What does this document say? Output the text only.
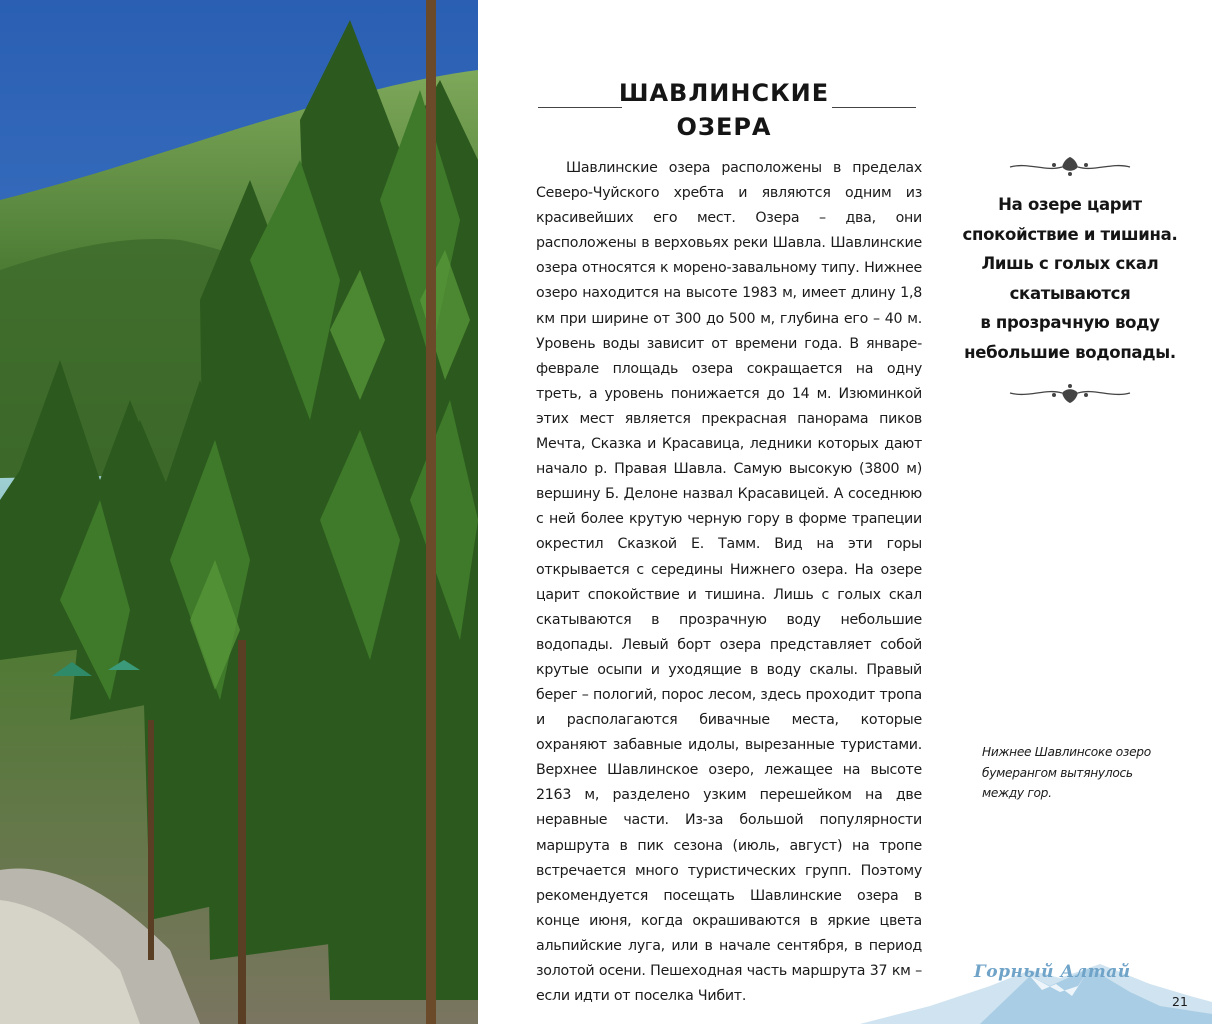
ШАВЛИНСКИЕ
ОЗЕРА

Шавлинские озера расположены в пределах Северо-Чуйского хребта и являются одним из красивейших его мест. Озера – два, они расположены в верховьях реки Шавла. Шавлинские озера относятся к морено-завальному типу. Нижнее озеро находится на высоте 1983 м, имеет длину 1,8 км при ширине от 300 до 500 м, глубина его – 40 м. Уровень воды зависит от времени года. В январе-феврале площадь озера сокращается на одну треть, а уровень понижается до 14 м. Изюминкой этих мест является прекрасная панорама пиков Мечта, Сказка и Красавица, ледники которых дают начало р. Правая Шавла. Самую высокую (3800 м) вершину Б. Делоне назвал Красавицей. А соседнюю с ней более крутую черную гору в форме трапеции окрестил Сказкой Е. Тамм. Вид на эти горы открывается с середины Нижнего озера. На озере царит спокойствие и тишина. Лишь с голых скал скатываются в прозрачную воду небольшие водопады. Левый борт озера представляет собой крутые осыпи и уходящие в воду скалы. Правый берег – пологий, порос лесом, здесь проходит тропа и располагаются бивачные места, которые охраняют забавные идолы, вырезанные туристами. Верхнее Шавлинское озеро, лежащее на высоте 2163 м, разделено узким перешейком на две неравные части. Из-за большой популярности маршрута в пик сезона (июль, август) на тропе встречается много туристических групп. Поэтому рекомендуется посещать Шавлинские озера в конце июня, когда окрашиваются в яркие цвета альпийские луга, или в начале сентября, в период золотой осени. Пешеходная часть маршрута 37 км – если идти от поселка Чибит.

На озере царит
спокойствие и тишина.
Лишь с голых скал
скатываются
в прозрачную воду
небольшие водопады.
Нижнее Шавлинсоке озеро
бумерангом вытянулось
между гор.
Горный Алтай
21
